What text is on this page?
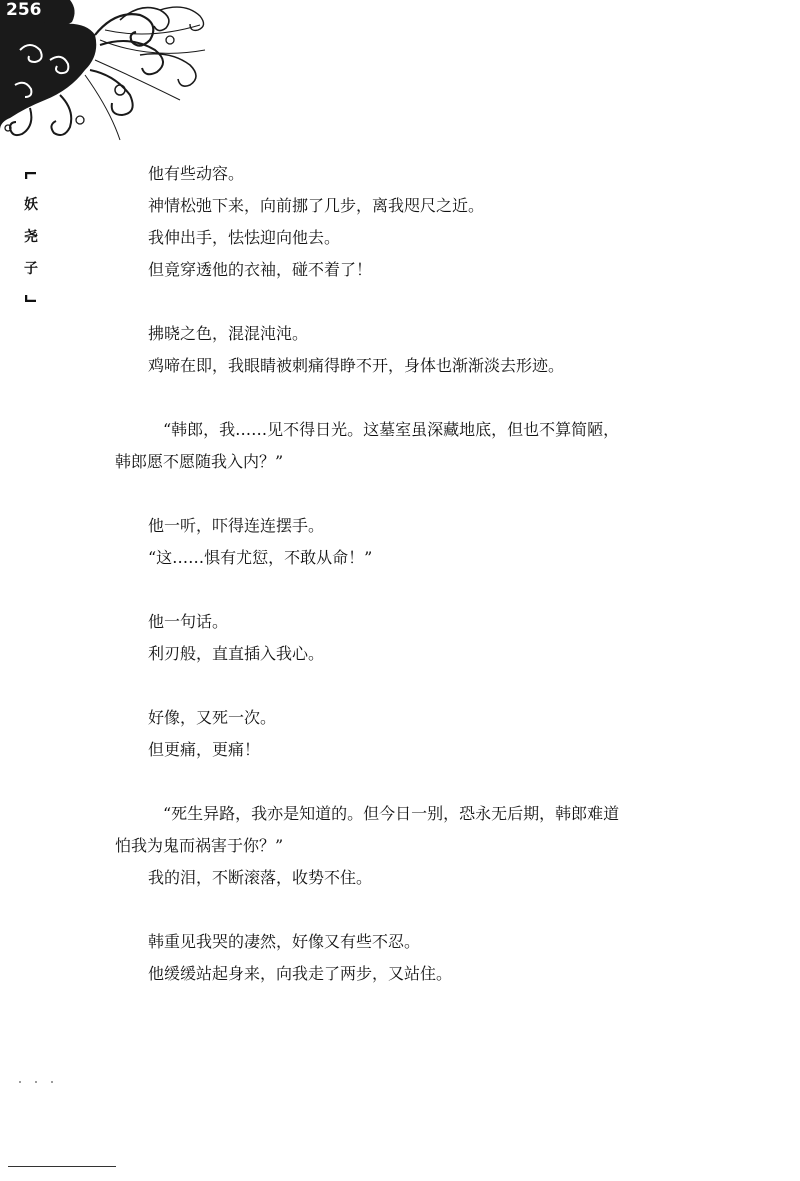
256
妖
尧
子
他有些动容。
神情松弛下来，向前挪了几步，离我咫尺之近。
我伸出手，怯怯迎向他去。
但竟穿透他的衣袖，碰不着了！
拂晓之色，混混沌沌。
鸡啼在即，我眼睛被刺痛得睁不开，身体也渐渐淡去形迹。
“韩郎，我……见不得日光。这墓室虽深藏地底，但也不算简陋，
韩郎愿不愿随我入内？”
他一听，吓得连连摆手。
“这……惧有尤愆，不敢从命！”
他一句话。
利刃般，直直插入我心。
好像，又死一次。
但更痛，更痛！
“死生异路，我亦是知道的。但今日一别，恐永无后期，韩郎难道
怕我为鬼而祸害于你？”
我的泪，不断滚落，收势不住。
韩重见我哭的凄然，好像又有些不忍。
他缓缓站起身来，向我走了两步，又站住。
